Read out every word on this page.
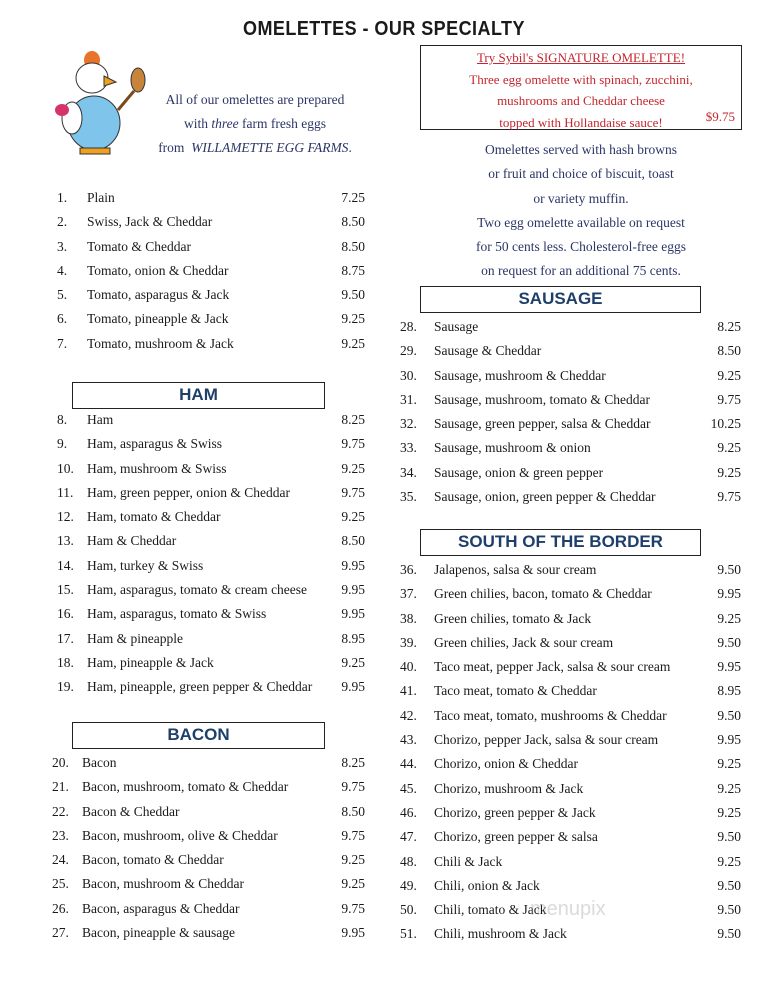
OMELETTES - OUR SPECIALTY
All of our omelettes are prepared
with three farm fresh eggs
from WILLAMETTE EGG FARMS.
Try Sybil's SIGNATURE OMELETTE!
Three egg omelette with spinach, zucchini,
mushrooms and Cheddar cheese
topped with Hollandaise sauce!	$9.75
Omelettes served with hash browns
or fruit and choice of biscuit, toast
or variety muffin.
Two egg omelette available on request
for 50 cents less. Cholesterol-free eggs
on request for an additional 75 cents.
HAM
BACON
SAUSAGE
SOUTH OF THE BORDER
1. Plain	7.25
2. Swiss, Jack & Cheddar	8.50
3. Tomato & Cheddar	8.50
4. Tomato, onion & Cheddar	8.75
5. Tomato, asparagus & Jack	9.50
6. Tomato, pineapple & Jack	9.25
7. Tomato, mushroom & Jack	9.25
8. Ham	8.25
9. Ham, asparagus & Swiss	9.75
10. Ham, mushroom & Swiss	9.25
11. Ham, green pepper, onion & Cheddar	9.75
12. Ham, tomato & Cheddar	9.25
13. Ham & Cheddar	8.50
14. Ham, turkey & Swiss	9.95
15. Ham, asparagus, tomato & cream cheese	9.95
16. Ham, asparagus, tomato & Swiss	9.95
17. Ham & pineapple	8.95
18. Ham, pineapple & Jack	9.25
19. Ham, pineapple, green pepper & Cheddar 9.95
20. Bacon	8.25
21. Bacon, mushroom, tomato & Cheddar	9.75
22. Bacon & Cheddar	8.50
23. Bacon, mushroom, olive & Cheddar	9.75
24. Bacon, tomato & Cheddar	9.25
25. Bacon, mushroom & Cheddar	9.25
26. Bacon, asparagus & Cheddar	9.75
27. Bacon, pineapple & sausage	9.95
28. Sausage	8.25
29. Sausage & Cheddar	8.50
30. Sausage, mushroom & Cheddar	9.25
31. Sausage, mushroom, tomato & Cheddar	9.75
32. Sausage, green pepper, salsa & Cheddar	10.25
33. Sausage, mushroom & onion	9.25
34. Sausage, onion & green pepper	9.25
35. Sausage, onion, green pepper & Cheddar	9.75
36. Jalapenos, salsa & sour cream	9.50
37. Green chilies, bacon, tomato & Cheddar	9.95
38. Green chilies, tomato & Jack	9.25
39. Green chilies, Jack & sour cream	9.50
40. Taco meat, pepper Jack, salsa & sour cream	9.95
41. Taco meat, tomato & Cheddar	8.95
42. Taco meat, tomato, mushrooms & Cheddar	9.50
43. Chorizo, pepper Jack, salsa & sour cream	9.95
44. Chorizo, onion & Cheddar	9.25
45. Chorizo, mushroom & Jack	9.25
46. Chorizo, green pepper & Jack	9.25
47. Chorizo, green pepper & salsa	9.50
48. Chili & Jack	9.25
49. Chili, onion & Jack	9.50
50. Chili, tomato & Jack	9.50
51. Chili, mushroom & Jack	9.50
menupix
